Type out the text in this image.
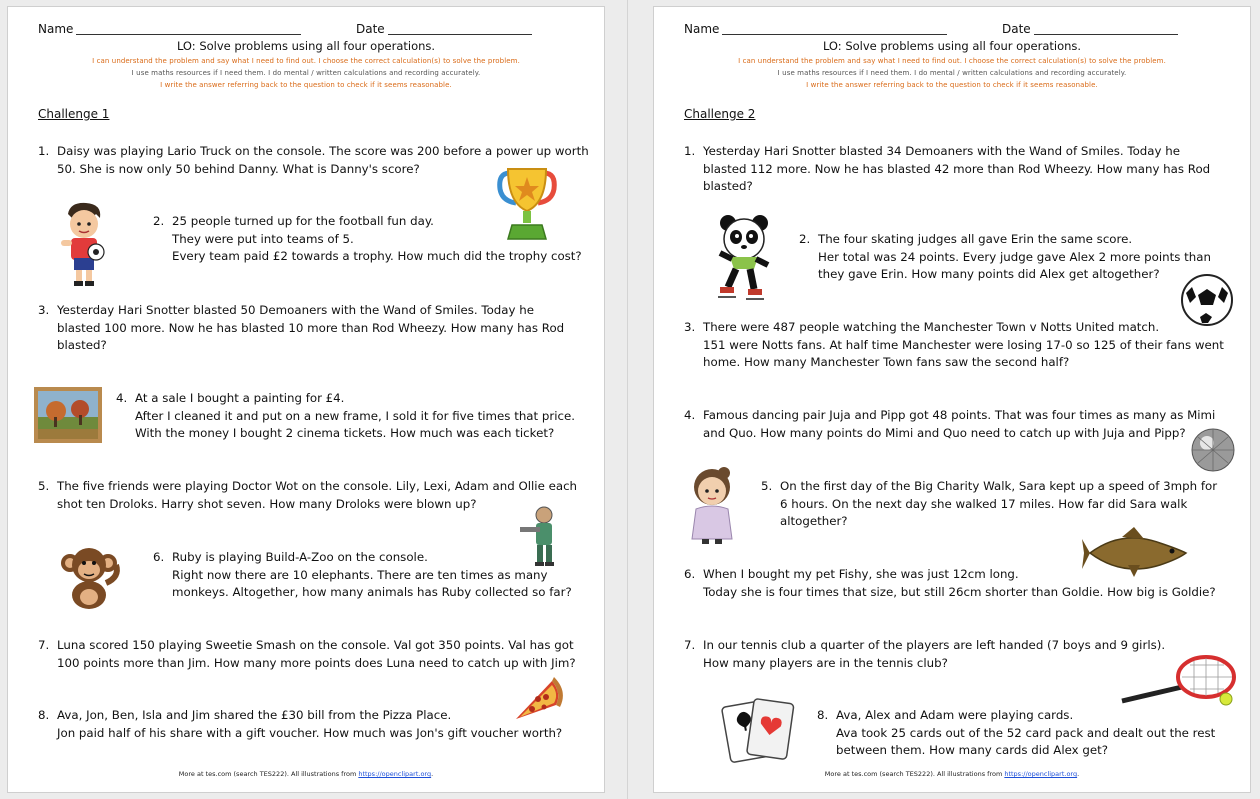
Name	Date
LO: Solve problems using all four operations.
I can understand the problem and say what I need to find out. I choose the correct calculation(s) to solve the problem.
I use maths resources if I need them. I do mental / written calculations and recording accurately.
I write the answer referring back to the question to check if it seems reasonable.
Challenge 1
1. Daisy was playing Lario Truck on the console. The score was 200 before a power up worth
50. She is now only 50 behind Danny. What is Danny's score?
2. 25 people turned up for the football fun day.
They were put into teams of 5.
Every team paid £2 towards a trophy. How much did the trophy cost?
3. Yesterday Hari Snotter blasted 50 Demoaners with the Wand of Smiles. Today he
blasted 100 more. Now he has blasted 10 more than Rod Wheezy. How many has Rod
blasted?
4. At a sale I bought a painting for £4.
After I cleaned it and put on a new frame, I sold it for five times that price.
With the money I bought 2 cinema tickets. How much was each ticket?
5. The five friends were playing Doctor Wot on the console. Lily, Lexi, Adam and Ollie each
shot ten Droloks. Harry shot seven. How many Droloks were blown up?
6. Ruby is playing Build-A-Zoo on the console.
Right now there are 10 elephants. There are ten times as many
monkeys. Altogether, how many animals has Ruby collected so far?
7. Luna scored 150 playing Sweetie Smash on the console. Val got 350 points. Val has got
100 points more than Jim. How many more points does Luna need to catch up with Jim?
8. Ava, Jon, Ben, Isla and Jim shared the £30 bill from the Pizza Place.
Jon paid half of his share with a gift voucher. How much was Jon's gift voucher worth?
More at tes.com (search TES222). All illustrations from https://openclipart.org.
Name	Date
LO: Solve problems using all four operations.
I can understand the problem and say what I need to find out. I choose the correct calculation(s) to solve the problem.
I use maths resources if I need them. I do mental / written calculations and recording accurately.
I write the answer referring back to the question to check if it seems reasonable.
Challenge 2
1. Yesterday Hari Snotter blasted 34 Demoaners with the Wand of Smiles. Today he
blasted 112 more. Now he has blasted 42 more than Rod Wheezy. How many has Rod
blasted?
2. The four skating judges all gave Erin the same score.
Her total was 24 points. Every judge gave Alex 2 more points than
they gave Erin. How many points did Alex get altogether?
3. There were 487 people watching the Manchester Town v Notts United match.
151 were Notts fans. At half time Manchester were losing 17-0 so 125 of their fans went
home. How many Manchester Town fans saw the second half?
4. Famous dancing pair Juja and Pipp got 48 points. That was four times as many as Mimi
and Quo. How many points do Mimi and Quo need to catch up with Juja and Pipp?
5. On the first day of the Big Charity Walk, Sara kept up a speed of 3mph for
6 hours. On the next day she walked 17 miles. How far did Sara walk
altogether?
6. When I bought my pet Fishy, she was just 12cm long.
Today she is four times that size, but still 26cm shorter than Goldie. How big is Goldie?
7. In our tennis club a quarter of the players are left handed (7 boys and 9 girls).
How many players are in the tennis club?
8. Ava, Alex and Adam were playing cards.
Ava took 25 cards out of the 52 card pack and dealt out the rest
between them. How many cards did Alex get?
More at tes.com (search TES222). All illustrations from https://openclipart.org.
